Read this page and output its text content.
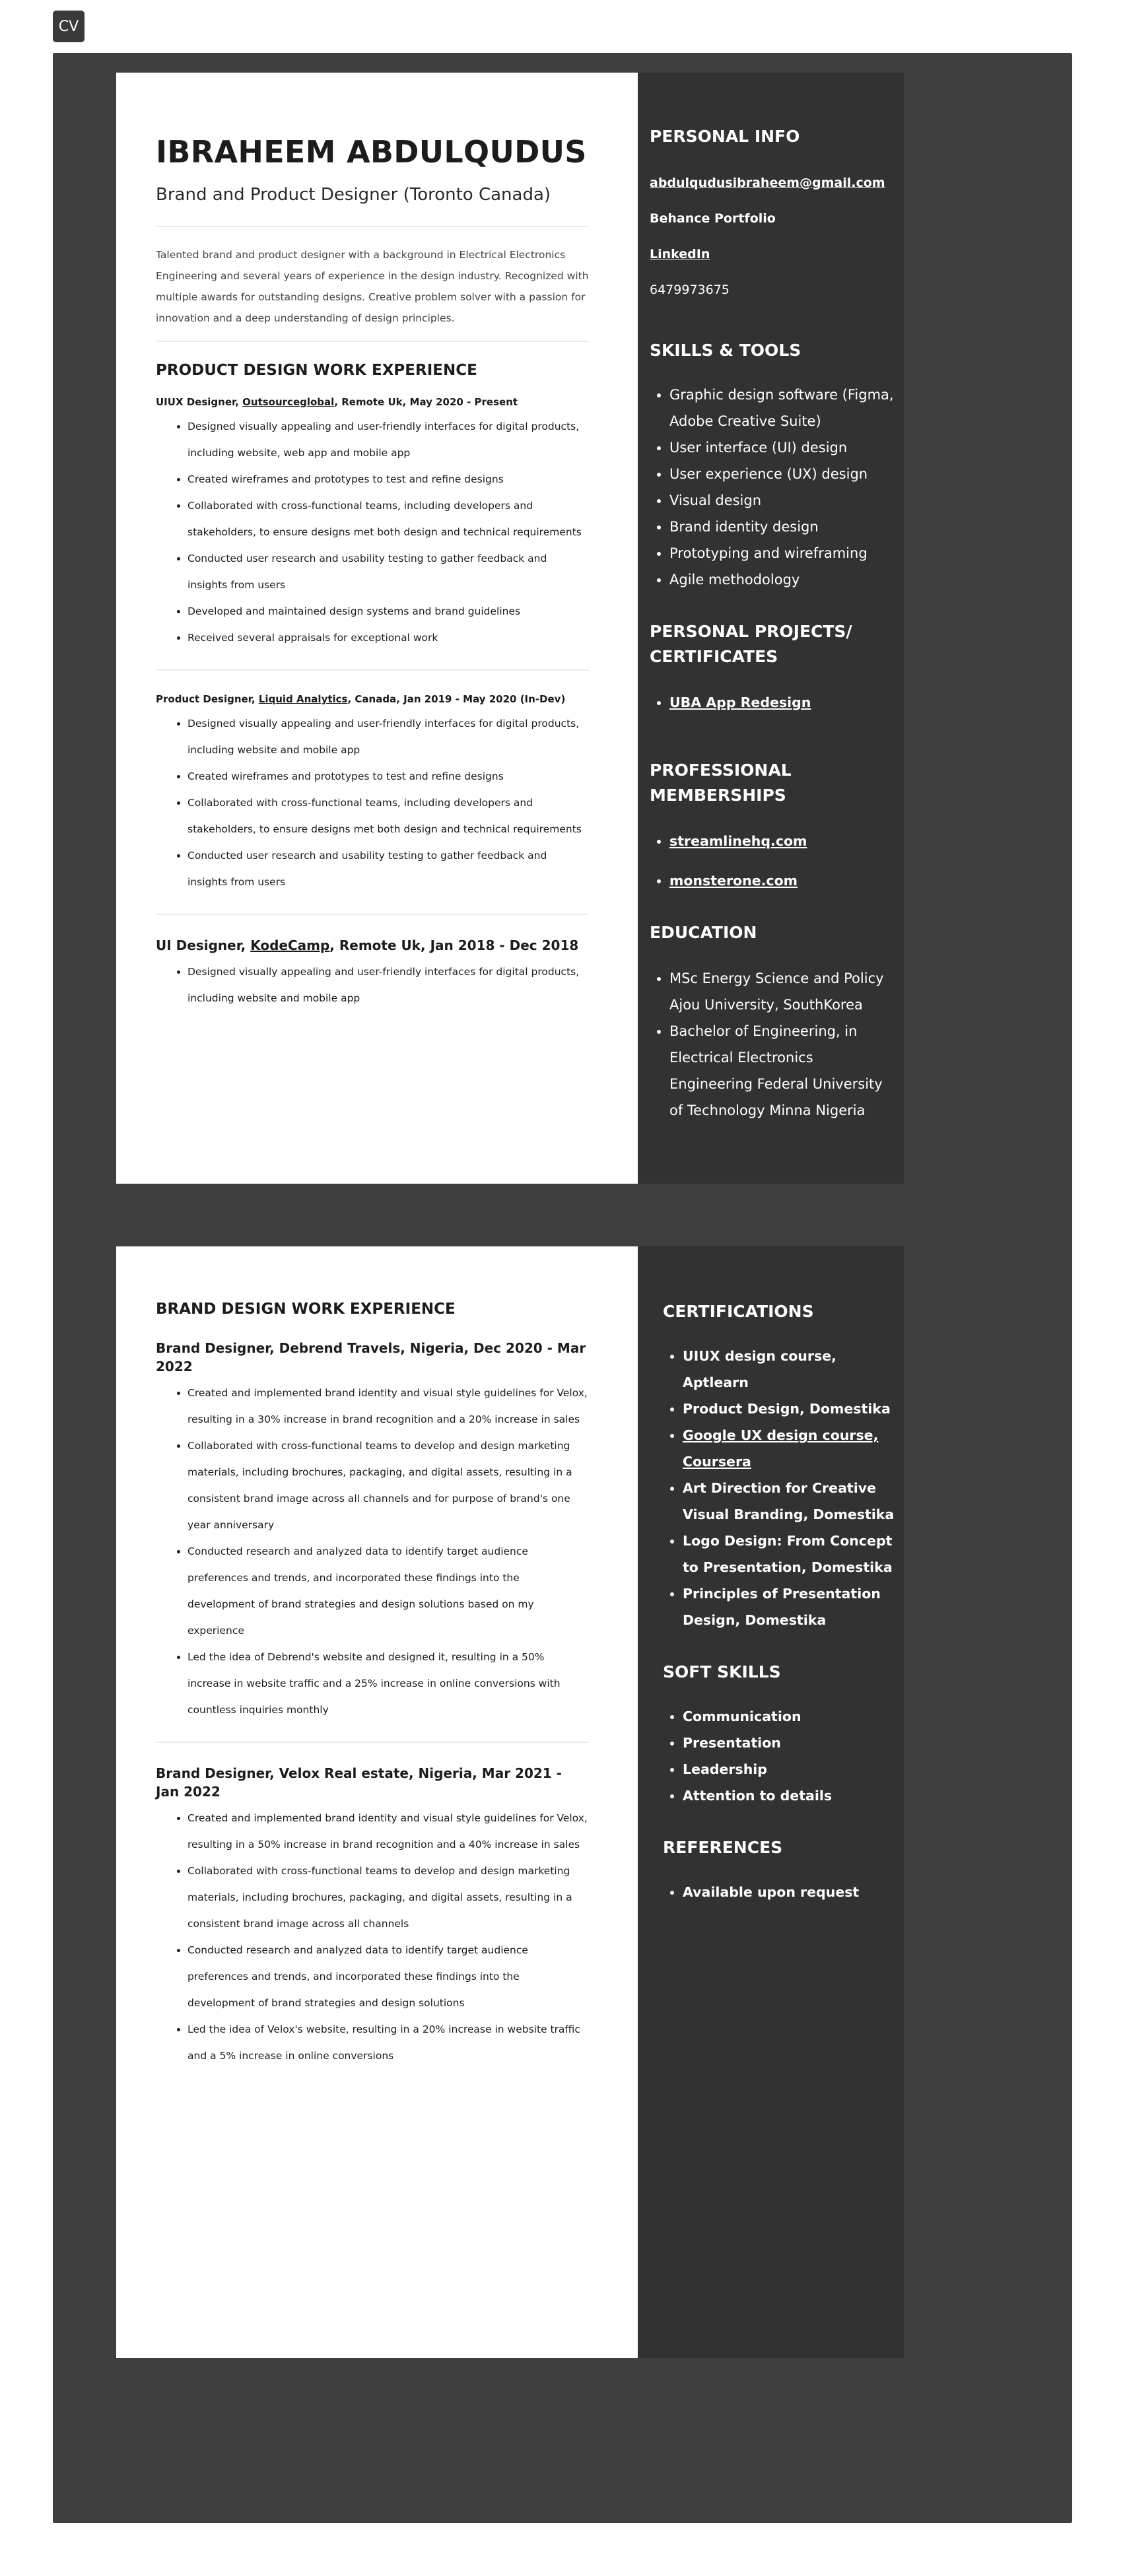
CV
IBRAHEEM ABDULQUDUS
Brand and Product Designer (Toronto Canada)

Talented brand and product designer with a background in Electrical Electronics Engineering and several years of experience in the design industry. Recognized with multiple awards for outstanding designs. Creative problem solver with a passion for innovation and a deep understanding of design principles.

PRODUCT DESIGN WORK EXPERIENCE
UIUX Designer, Outsourceglobal, Remote Uk, May 2020 - Present
• Designed visually appealing and user-friendly interfaces for digital products, including website, web app and mobile app
• Created wireframes and prototypes to test and refine designs
• Collaborated with cross-functional teams, including developers and stakeholders, to ensure designs met both design and technical requirements
• Conducted user research and usability testing to gather feedback and insights from users
• Developed and maintained design systems and brand guidelines
• Received several appraisals for exceptional work
Product Designer, Liquid Analytics, Canada, Jan 2019 - May 2020 (In-Dev)
• Designed visually appealing and user-friendly interfaces for digital products, including website and mobile app
• Created wireframes and prototypes to test and refine designs
• Collaborated with cross-functional teams, including developers and stakeholders, to ensure designs met both design and technical requirements
• Conducted user research and usability testing to gather feedback and insights from users
UI Designer, KodeCamp, Remote Uk, Jan 2018 - Dec 2018
• Designed visually appealing and user-friendly interfaces for digital products, including website and mobile app
PERSONAL INFO
abdulqudusibraheem@gmail.com
Behance Portfolio
LinkedIn
6479973675
SKILLS & TOOLS
• Graphic design software (Figma, Adobe Creative Suite)
• User interface (UI) design
• User experience (UX) design
• Visual design
• Brand identity design
• Prototyping and wireframing
• Agile methodology
PERSONAL PROJECTS/ CERTIFICATES
• UBA App Redesign
PROFESSIONAL MEMBERSHIPS
• streamlinehq.com
• monsterone.com
EDUCATION
• MSc Energy Science and Policy Ajou University, SouthKorea
• Bachelor of Engineering, in Electrical Electronics Engineering Federal University of Technology Minna Nigeria
BRAND DESIGN WORK EXPERIENCE
Brand Designer, Debrend Travels, Nigeria, Dec 2020 - Mar 2022
• Created and implemented brand identity and visual style guidelines for Velox, resulting in a 30% increase in brand recognition and a 20% increase in sales
• Collaborated with cross-functional teams to develop and design marketing materials, including brochures, packaging, and digital assets, resulting in a consistent brand image across all channels and for purpose of brand's one year anniversary
• Conducted research and analyzed data to identify target audience preferences and trends, and incorporated these findings into the development of brand strategies and design solutions based on my experience
• Led the idea of Debrend's website and designed it, resulting in a 50% increase in website traffic and a 25% increase in online conversions with countless inquiries monthly
Brand Designer, Velox Real estate, Nigeria, Mar 2021 - Jan 2022
• Created and implemented brand identity and visual style guidelines for Velox, resulting in a 50% increase in brand recognition and a 40% increase in sales
• Collaborated with cross-functional teams to develop and design marketing materials, including brochures, packaging, and digital assets, resulting in a consistent brand image across all channels
• Conducted research and analyzed data to identify target audience preferences and trends, and incorporated these findings into the development of brand strategies and design solutions
• Led the idea of Velox's website, resulting in a 20% increase in website traffic and a 5% increase in online conversions
CERTIFICATIONS
• UIUX design course, Aptlearn
• Product Design, Domestika
• Google UX design course, Coursera
• Art Direction for Creative Visual Branding, Domestika
• Logo Design: From Concept to Presentation, Domestika
• Principles of Presentation Design, Domestika
SOFT SKILLS
• Communication
• Presentation
• Leadership
• Attention to details
REFERENCES
• Available upon request
